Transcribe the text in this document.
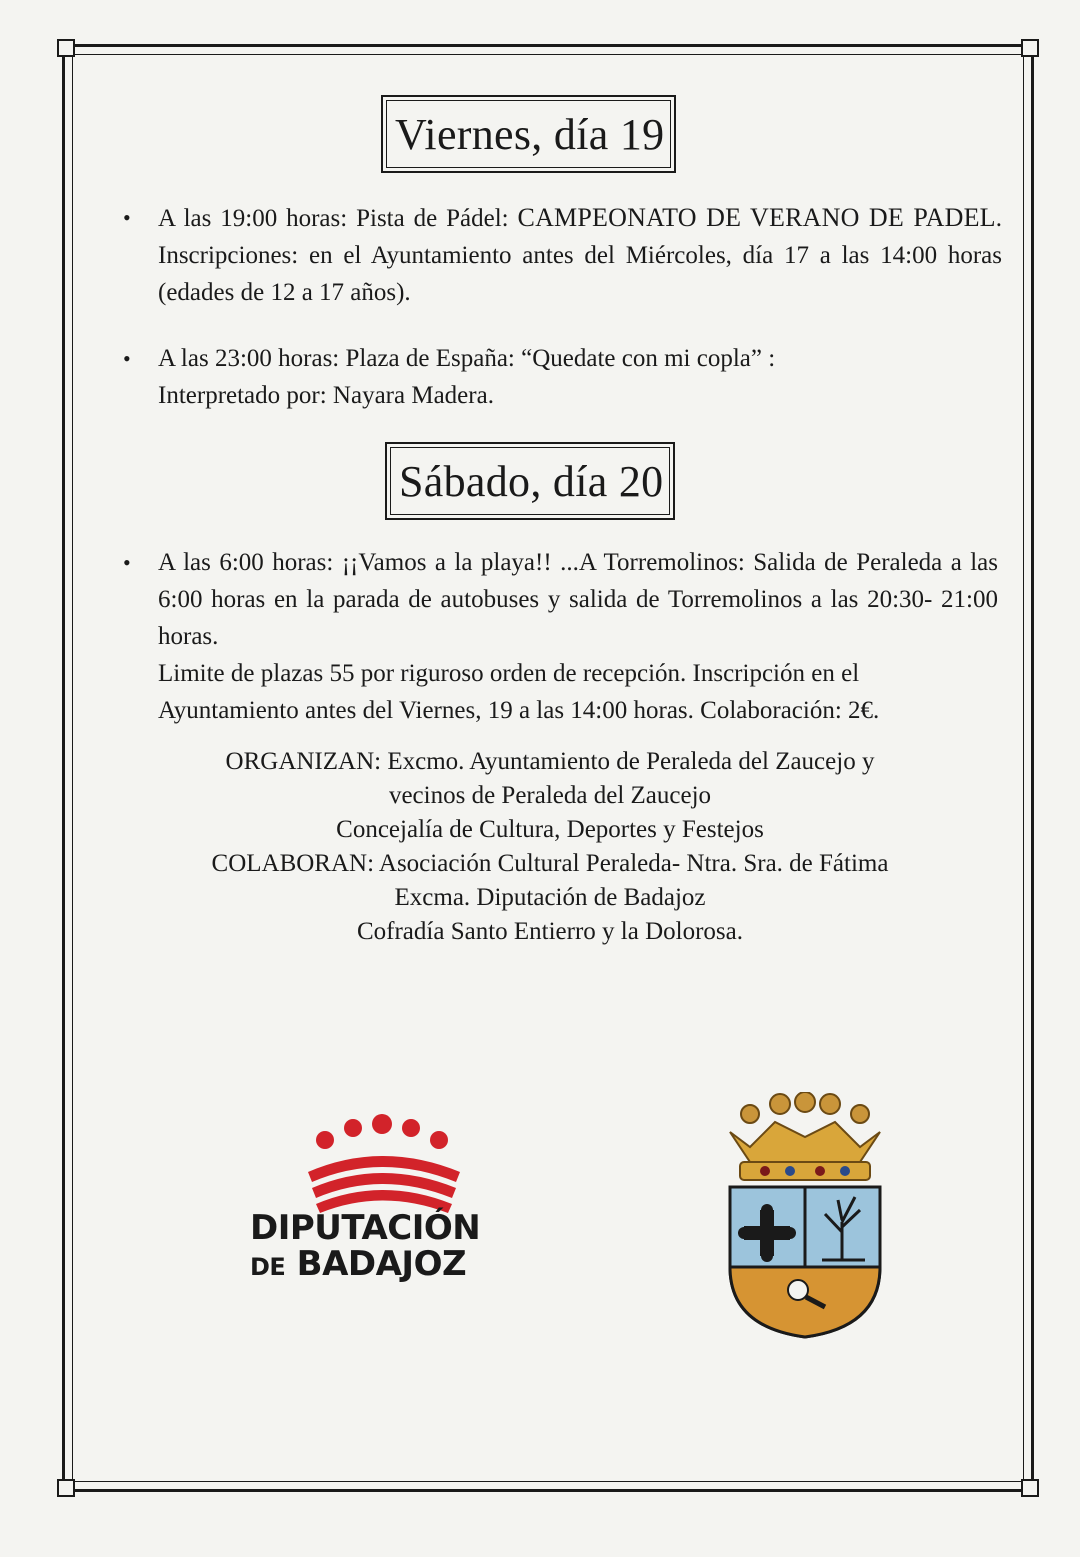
Viernes, día 19
• A las 19:00 horas: Pista de Pádel: CAMPEONATO DE VERANO DE PADEL. Inscripciones: en el Ayuntamiento antes del Miércoles, día 17 a las 14:00 horas (edades de 12 a 17 años).
• A las 23:00 horas: Plaza de España: “Quedate con mi copla” :
Interpretado por: Nayara Madera.
Sábado, día 20
• A las 6:00 horas: ¡¡Vamos a la playa!! ...A Torremolinos: Salida de Peraleda a las 6:00 horas en la parada de autobuses y salida de Torremolinos a las 20:30- 21:00 horas.
Limite de plazas 55 por riguroso orden de recepción. Inscripción en el Ayuntamiento antes del Viernes, 19 a las 14:00 horas. Colaboración: 2€.
ORGANIZAN: Excmo. Ayuntamiento de Peraleda del Zaucejo y
vecinos de Peraleda del Zaucejo
Concejalía de Cultura, Deportes y Festejos
COLABORAN: Asociación Cultural Peraleda- Ntra. Sra. de Fátima
Excma. Diputación de Badajoz
Cofradía Santo Entierro y la Dolorosa.
DIPUTACIÓN
DE BADAJOZ
